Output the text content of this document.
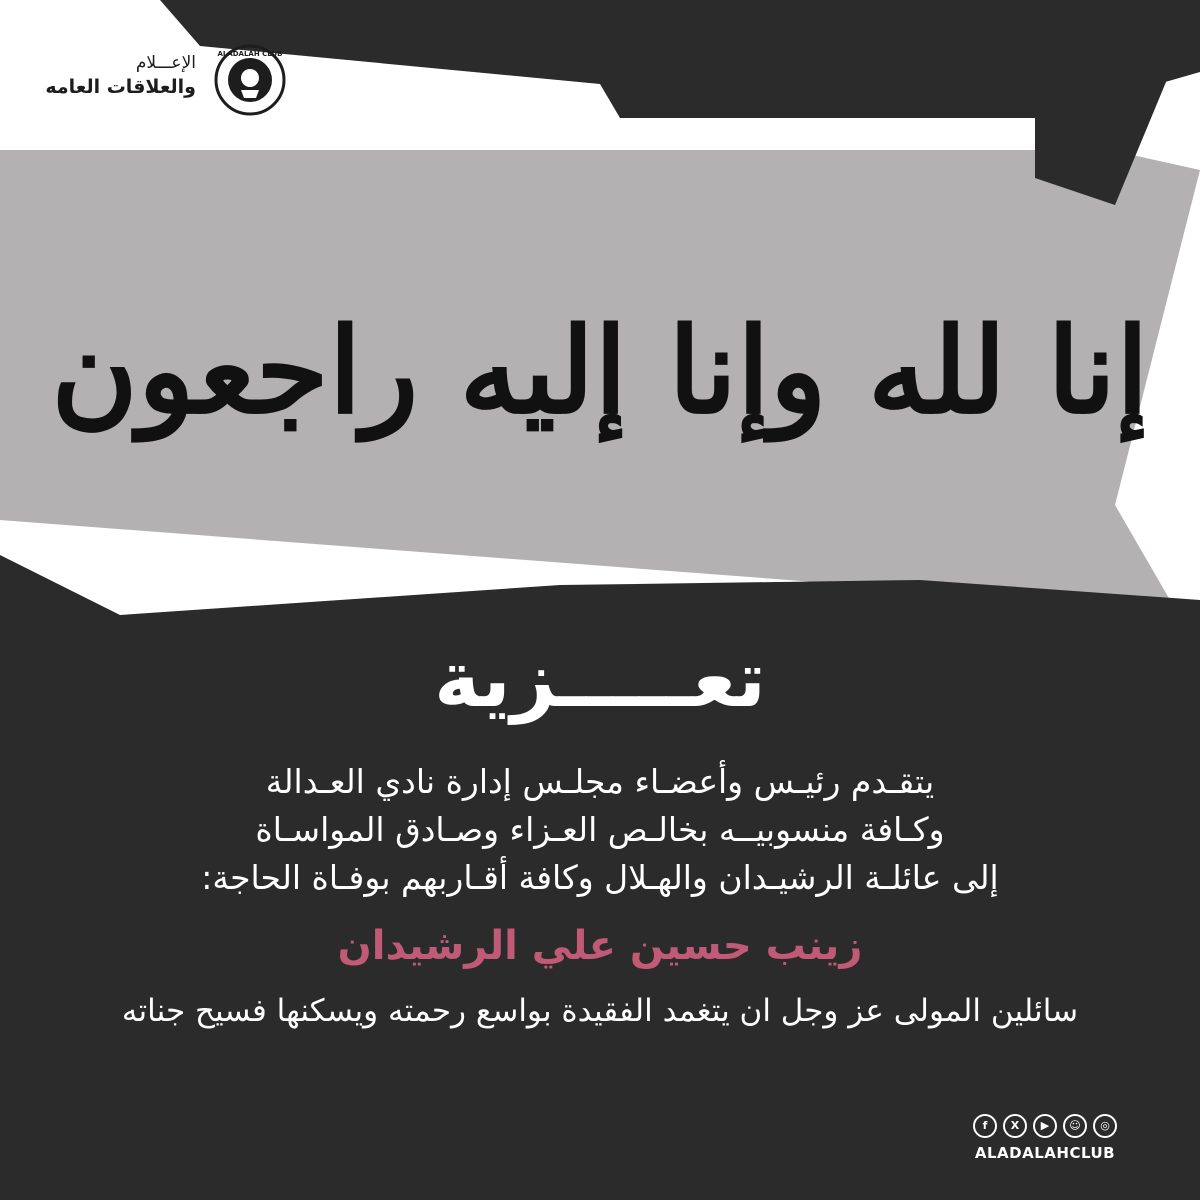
ALADALAH CLUB
الإعـــلام
والعلاقات العامه
إنا لله وإنا إليه راجعون
تعـــــزية
يتقـدم رئيـس وأعضـاء مجلـس إدارة نادي العـدالة
وكـافة منسوبيــه بخالـص العـزاء وصـادق المواسـاة
إلى عائلـة الرشيـدان والهـلال وكافة أقـاربهم بوفـاة الحاجة:
زينب حسين علي الرشيدان
سائلين المولى عز وجل ان يتغمد الفقيدة بواسع رحمته ويسكنها فسيح جناته
f	X	▶	☺	◎
ALADALAHCLUB
